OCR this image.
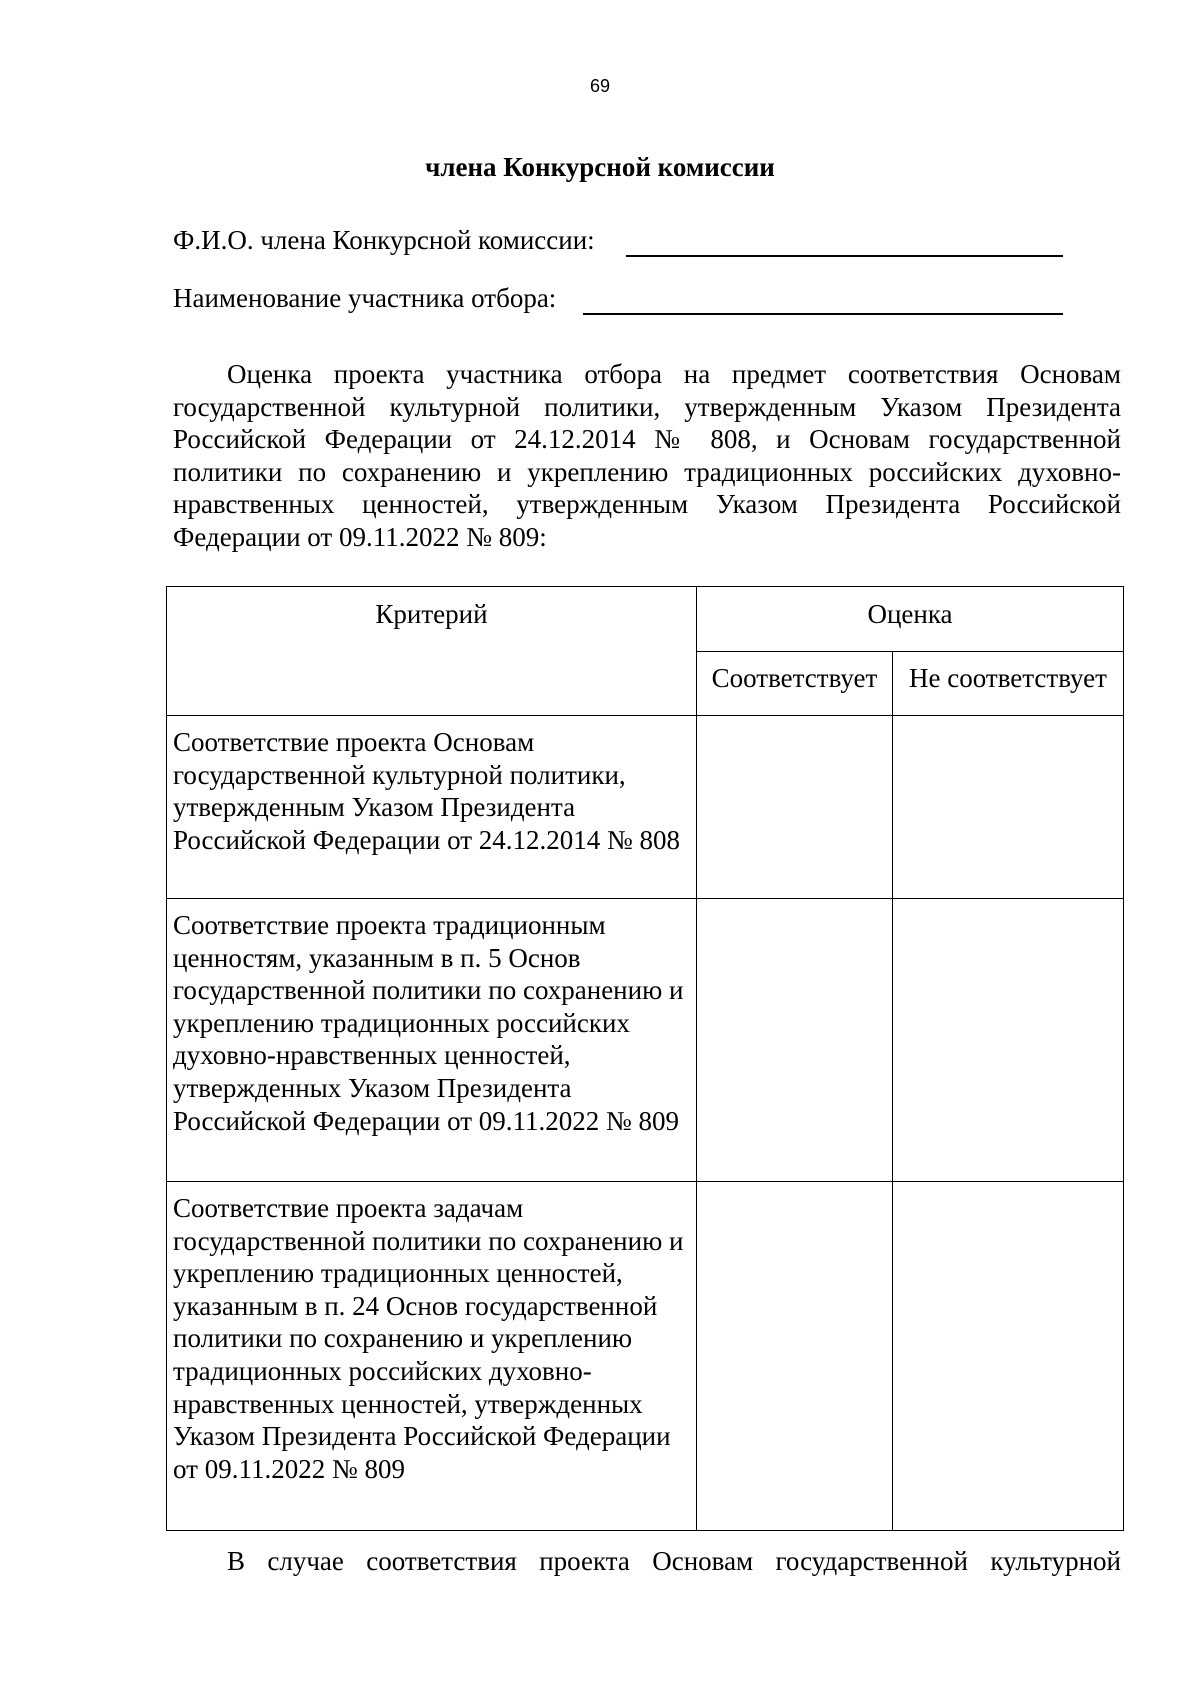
69
члена Конкурсной комиссии
Ф.И.О. члена Конкурсной комиссии:
Наименование участника отбора:

Оценка проекта участника отбора на предмет соответствия Основам государственной культурной политики, утвержденным Указом Президента Российской Федерации от 24.12.2014 № 808, и Основам государственной политики по сохранению и укреплению традиционных российских духовно-нравственных ценностей, утвержденным Указом Президента Российской Федерации от 09.11.2022 № 809:

Критерий	Оценка	
	Соответствует	Не соответствует
Соответствие проекта Основам государственной культурной политики, утвержденным Указом Президента Российской Федерации от 24.12.2014 № 808		
Соответствие проекта традиционным ценностям, указанным в п. 5 Основ государственной политики по сохранению и укреплению традиционных российских духовно-нравственных ценностей, утвержденных Указом Президента Российской Федерации от 09.11.2022 № 809		
Соответствие проекта задачам государственной политики по сохранению и укреплению традиционных ценностей, указанным в п. 24 Основ государственной политики по сохранению и укреплению традиционных российских духовно-нравственных ценностей, утвержденных Указом Президента Российской Федерации от 09.11.2022 № 809		

В случае соответствия проекта Основам государственной культурной
